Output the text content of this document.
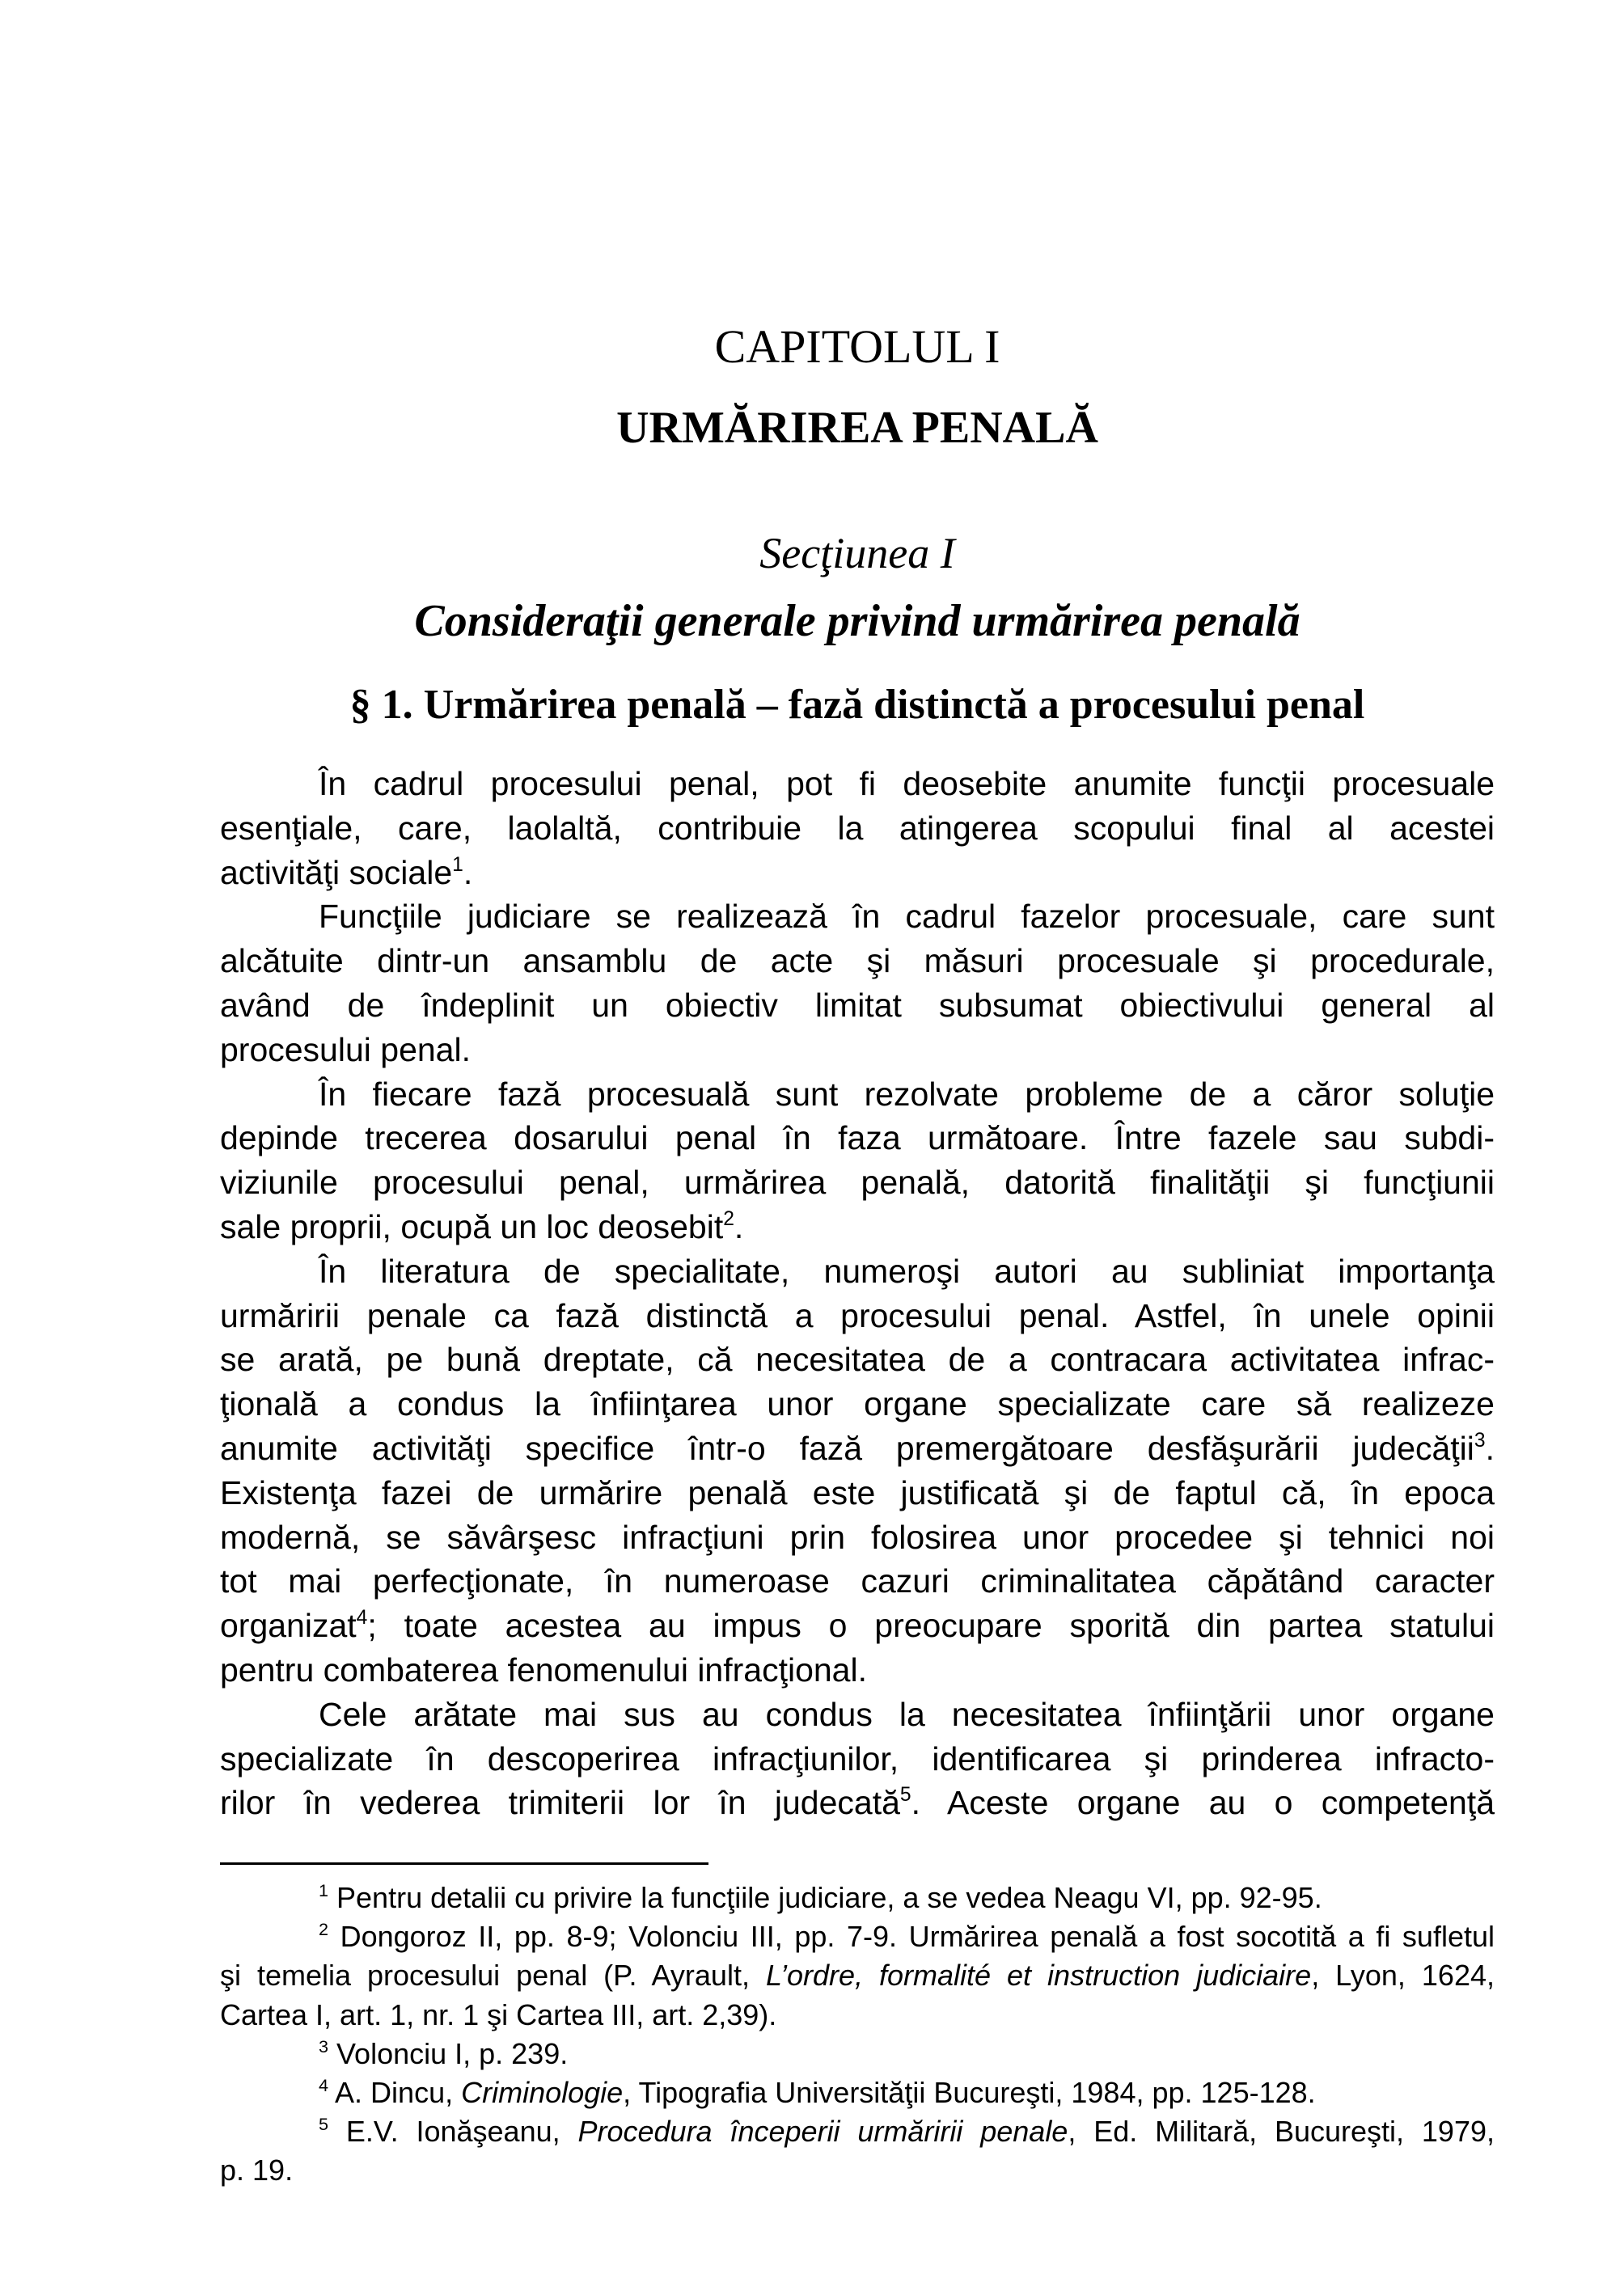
CAPITOLUL I
URMĂRIREA PENALĂ
Secţiunea I
Consideraţii generale privind urmărirea penală
§ 1. Urmărirea penală – fază distinctă a procesului penal
În cadrul procesului penal, pot fi deosebite anumite funcţii procesuale
esenţiale, care, laolaltă, contribuie la atingerea scopului final al acestei
activităţi sociale$^1$.
Funcţiile judiciare se realizează în cadrul fazelor procesuale, care sunt
alcătuite dintr-un ansamblu de acte şi măsuri procesuale şi procedurale,
având de îndeplinit un obiectiv limitat subsumat obiectivului general al
procesului penal.
În fiecare fază procesuală sunt rezolvate probleme de a căror soluţie
depinde trecerea dosarului penal în faza următoare. Între fazele sau subdi-
viziunile procesului penal, urmărirea penală, datorită finalităţii şi funcţiunii
sale proprii, ocupă un loc deosebit$^2$.
În literatura de specialitate, numeroşi autori au subliniat importanţa
urmăririi penale ca fază distinctă a procesului penal. Astfel, în unele opinii
se arată, pe bună dreptate, că necesitatea de a contracara activitatea infrac-
ţională a condus la înfiinţarea unor organe specializate care să realizeze
anumite activităţi specifice într-o fază premergătoare desfăşurării judecăţii$^3$.
Existenţa fazei de urmărire penală este justificată şi de faptul că, în epoca
modernă, se săvârşesc infracţiuni prin folosirea unor procedee şi tehnici noi
tot mai perfecţionate, în numeroase cazuri criminalitatea căpătând caracter
organizat$^4$; toate acestea au impus o preocupare sporită din partea statului
pentru combaterea fenomenului infracţional.
Cele arătate mai sus au condus la necesitatea înfiinţării unor organe
specializate în descoperirea infracţiunilor, identificarea şi prinderea infracto-
rilor în vederea trimiterii lor în judecată$^5$. Aceste organe au o competenţă
$^1$ Pentru detalii cu privire la funcţiile judiciare, a se vedea Neagu VI, pp. 92-95.
$^2$ Dongoroz II, pp. 8-9; Volonciu III, pp. 7-9. Urmărirea penală a fost socotită a fi sufletul
şi temelia procesului penal (P. Ayrault, L’ordre, formalité et instruction judiciaire, Lyon, 1624,
Cartea I, art. 1, nr. 1 şi Cartea III, art. 2,39).
$^3$ Volonciu I, p. 239.
$^4$ A. Dincu, Criminologie, Tipografia Universităţii Bucureşti, 1984, pp. 125-128.
$^5$ E.V. Ionăşeanu, Procedura începerii urmăririi penale, Ed. Militară, Bucureşti, 1979,
p. 19.
